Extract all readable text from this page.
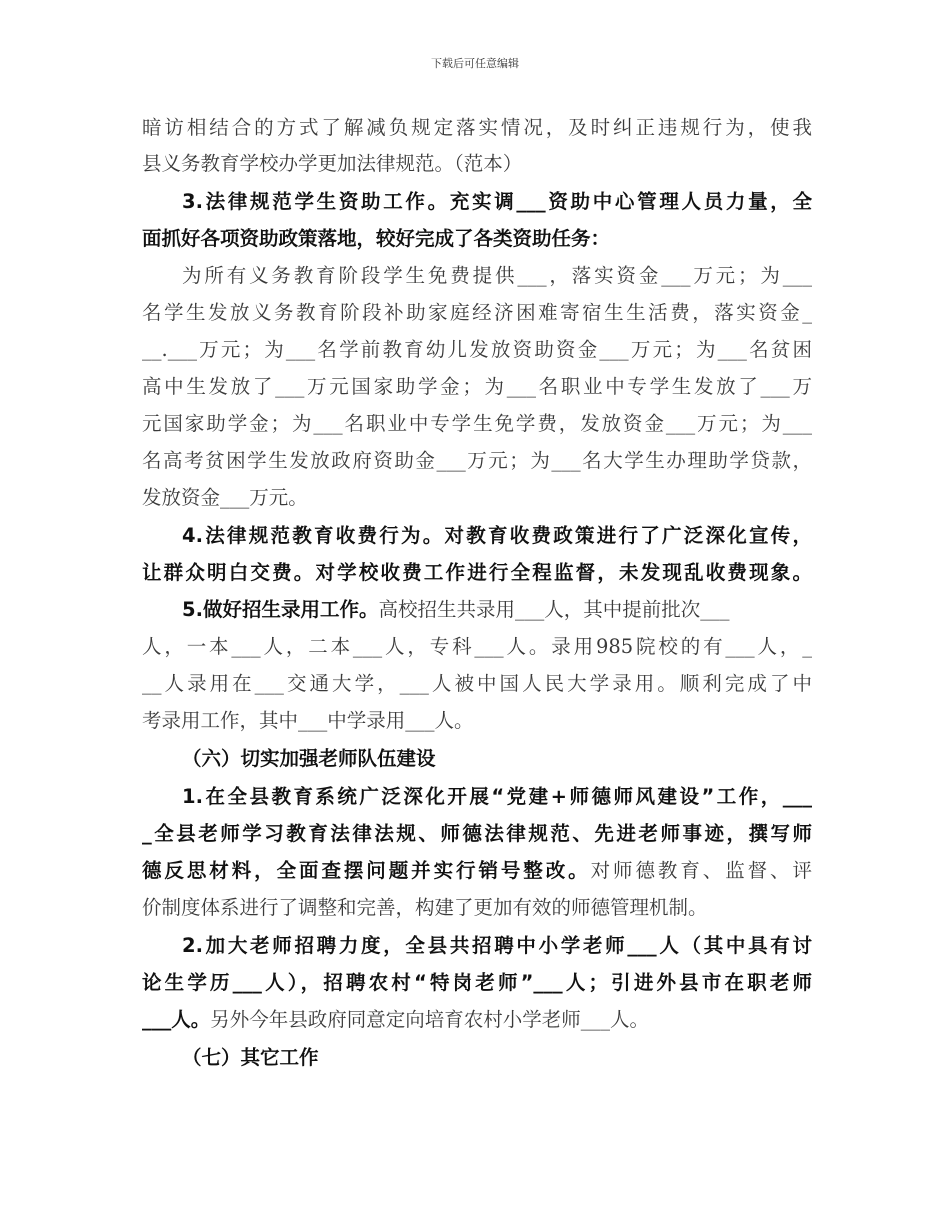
下载后可任意编辑
暗访相结合的方式了解减负规定落实情况，及时纠正违规行为，使我
县义务教育学校办学更加法律规范。（范本）
3.法律规范学生资助工作。充实调___资助中心管理人员力量，全
面抓好各项资助政策落地，较好完成了各类资助任务：
为所有义务教育阶段学生免费提供___，落实资金___万元；为___
名学生发放义务教育阶段补助家庭经济困难寄宿生生活费，落实资金_
__.___万元；为___名学前教育幼儿发放资助资金___万元；为___名贫困
高中生发放了___万元国家助学金；为___名职业中专学生发放了___万
元国家助学金；为___名职业中专学生免学费，发放资金___万元；为___
名高考贫困学生发放政府资助金___万元；为___名大学生办理助学贷款，
发放资金___万元。
4.法律规范教育收费行为。对教育收费政策进行了广泛深化宣传，
让群众明白交费。对学校收费工作进行全程监督，未发现乱收费现象。
5.做好招生录用工作。高校招生共录用___人，其中提前批次___
人，一本___人，二本___人，专科___人。录用985院校的有___人，_
__人录用在___交通大学，___人被中国人民大学录用。顺利完成了中
考录用工作，其中___中学录用___人。
（六）切实加强老师队伍建设
1.在全县教育系统广泛深化开展“党建+师德师风建设”工作，___
_全县老师学习教育法律法规、师德法律规范、先进老师事迹，撰写师
德反思材料，全面查摆问题并实行销号整改。对师德教育、监督、评
价制度体系进行了调整和完善，构建了更加有效的师德管理机制。
2.加大老师招聘力度，全县共招聘中小学老师___人（其中具有讨
论生学历___人），招聘农村“特岗老师”___人；引进外县市在职老师
___人。另外今年县政府同意定向培育农村小学老师___人。
（七）其它工作
